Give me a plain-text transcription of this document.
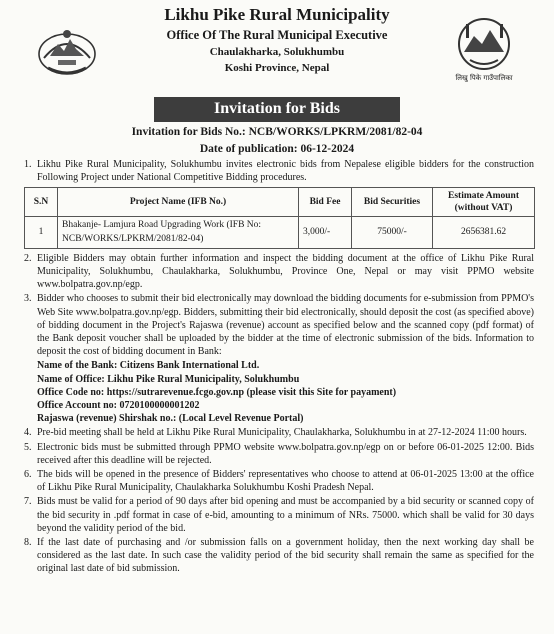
Likhu Pike Rural Municipality
Office Of The Rural Municipal Executive
Chaulakharka, Solukhumbu
Koshi Province, Nepal
लिखु पिके गाउँपालिका
Invitation for Bids
Invitation for Bids No.: NCB/WORKS/LPKRM/2081/82-04
Date of publication: 06-12-2024
1. Likhu Pike Rural Municipality, Solukhumbu invites electronic bids from Nepalese eligible bidders for the construction Following Project under National Competitive Bidding procedures.
S.N	Project Name (IFB No.)	Bid Fee	Bid Securities	Estimate Amount (without VAT)
1	Bhakanje- Lamjura Road Upgrading Work (IFB No: NCB/WORKS/LPKRM/2081/82-04)	3,000/-	75000/-	2656381.62
2. Eligible Bidders may obtain further information and inspect the bidding document at the office of Likhu Pike Rural Municipality, Solukhumbu, Chaulakharka, Solukhumbu, Province One, Nepal or may visit PPMO website www.bolpatra.gov.np/egp.
3. Bidder who chooses to submit their bid electronically may download the bidding documents for e-submission from PPMO's Web Site www.bolpatra.gov.np/egp. Bidders, submitting their bid electronically, should deposit the cost (as specified above) of bidding document in the Project's Rajaswa (revenue) account as specified below and the scanned copy (pdf format) of the Bank deposit voucher shall be uploaded by the bidder at the time of electronic submission of the bids. Information to deposit the cost of bidding document in Bank:
Name of the Bank: Citizens Bank International Ltd.
Name of Office: Likhu Pike Rural Municipality, Solukhumbu
Office Code no: https://sutrarevenue.fcgo.gov.np (please visit this Site for payament)
Office Account no: 0720100000001202
Rajaswa (revenue) Shirshak no.: (Local Level Revenue Portal)
4. Pre-bid meeting shall be held at Likhu Pike Rural Municipality, Chaulakharka, Solukhumbu in at 27-12-2024 11:00 hours.
5. Electronic bids must be submitted through PPMO website www.bolpatra.gov.np/egp on or before 06-01-2025 12:00. Bids received after this deadline will be rejected.
6. The bids will be opened in the presence of Bidders' representatives who choose to attend at 06-01-2025 13:00 at the office of Likhu Pike Rural Municipality, Chaulakharka Solukhumbu Koshi Pradesh Nepal.
7. Bids must be valid for a period of 90 days after bid opening and must be accompanied by a bid security or scanned copy of the bid security in .pdf format in case of e-bid, amounting to a minimum of NRs. 75000. which shall be valid for 30 days beyond the validity period of the bid.
8. If the last date of purchasing and /or submission falls on a government holiday, then the next working day shall be considered as the last date. In such case the validity period of the bid security shall remain the same as specified for the original last date of bid submission.
